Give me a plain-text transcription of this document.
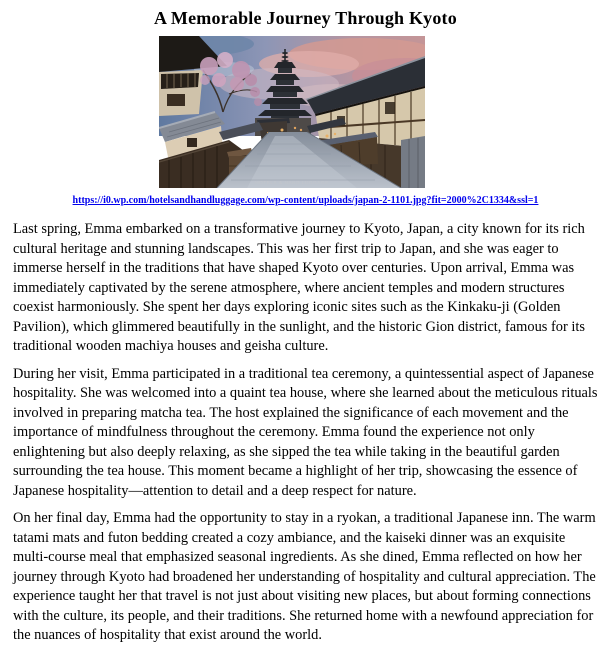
A Memorable Journey Through Kyoto
HOTELS & HAND LUGGAGE
https://i0.wp.com/hotelsandhandluggage.com/wp-content/uploads/japan-2-1101.jpg?fit=2000%2C1334&ssl=1

Last spring, Emma embarked on a transformative journey to Kyoto, Japan, a city known for its rich cultural heritage and stunning landscapes. This was her first trip to Japan, and she was eager to immerse herself in the traditions that have shaped Kyoto over centuries. Upon arrival, Emma was immediately captivated by the serene atmosphere, where ancient temples and modern structures coexist harmoniously. She spent her days exploring iconic sites such as the Kinkaku-ji (Golden Pavilion), which glimmered beautifully in the sunlight, and the historic Gion district, famous for its traditional wooden machiya houses and geisha culture.

During her visit, Emma participated in a traditional tea ceremony, a quintessential aspect of Japanese hospitality. She was welcomed into a quaint tea house, where she learned about the meticulous rituals involved in preparing matcha tea. The host explained the significance of each movement and the importance of mindfulness throughout the ceremony. Emma found the experience not only enlightening but also deeply relaxing, as she sipped the tea while taking in the beautiful garden surrounding the tea house. This moment became a highlight of her trip, showcasing the essence of Japanese hospitality—attention to detail and a deep respect for nature.

On her final day, Emma had the opportunity to stay in a ryokan, a traditional Japanese inn. The warm tatami mats and futon bedding created a cozy ambiance, and the kaiseki dinner was an exquisite multi-course meal that emphasized seasonal ingredients. As she dined, Emma reflected on how her journey through Kyoto had broadened her understanding of hospitality and cultural appreciation. The experience taught her that travel is not just about visiting new places, but about forming connections with the culture, its people, and their traditions. She returned home with a newfound appreciation for the nuances of hospitality that exist around the world.
